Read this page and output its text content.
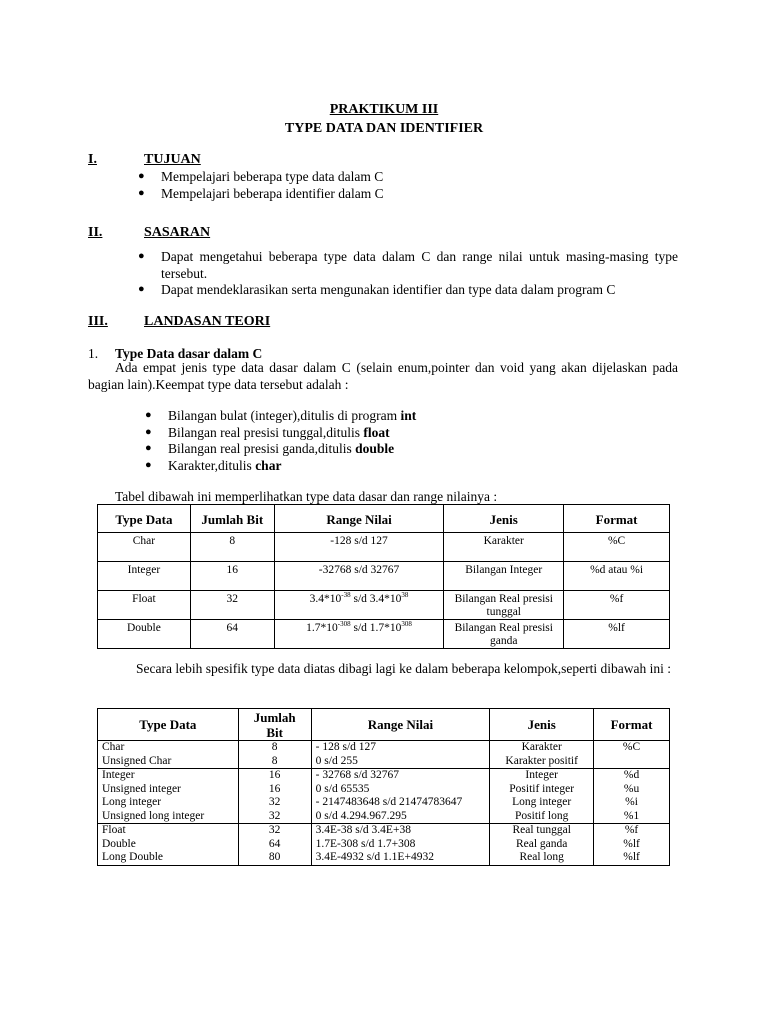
PRAKTIKUM III
TYPE DATA DAN IDENTIFIER
I.	TUJUAN
● Mempelajari beberapa type data dalam C
● Mempelajari beberapa identifier dalam C
II.	SASARAN
● Dapat mengetahui beberapa type data dalam C dan range nilai untuk masing-masing type tersebut.
● Dapat mendeklarasikan serta mengunakan identifier dan type data dalam program C
III.	LANDASAN TEORI
1. Type Data dasar dalam C

Ada empat jenis type data dasar dalam C (selain enum,pointer dan void yang akan dijelaskan pada bagian lain).Keempat type data tersebut adalah :

● Bilangan bulat (integer),ditulis di program int
● Bilangan real presisi tunggal,ditulis float
● Bilangan real presisi ganda,ditulis double
● Karakter,ditulis char
Tabel dibawah ini memperlihatkan type data dasar dan range nilainya :
Type Data	Jumlah Bit	Range Nilai	Jenis	Format
Char	8	-128 s/d 127	Karakter	%C
Integer	16	-32768 s/d 32767	Bilangan Integer	%d atau %i
Float	32	$3.4*10^{-38}$ s/d $3.4*10^{38}$	Bilangan Real presisi tunggal	%f
Double	64	$1.7*10^{-308}$ s/d $1.7*10^{308}$	Bilangan Real presisi ganda	%lf

Secara lebih spesifik type data diatas dibagi lagi ke dalam beberapa kelompok,seperti dibawah ini :

Type Data	Jumlah Bit	Range Nilai	Jenis	Format
Char	8	- 128 s/d 127	Karakter	%C
Unsigned Char	8	0 s/d 255	Karakter positif	
Integer	16	- 32768 s/d 32767	Integer	%d
Unsigned integer	16	0 s/d 65535	Positif integer	%u
Long integer	32	- 2147483648 s/d 21474783647	Long integer	%i
Unsigned long integer	32	0 s/d 4.294.967.295	Positif long	%1
Float	32	3.4E-38 s/d 3.4E+38	Real tunggal	%f
Double	64	1.7E-308 s/d 1.7+308	Real ganda	%lf
Long Double	80	3.4E-4932 s/d 1.1E+4932	Real long	%lf
